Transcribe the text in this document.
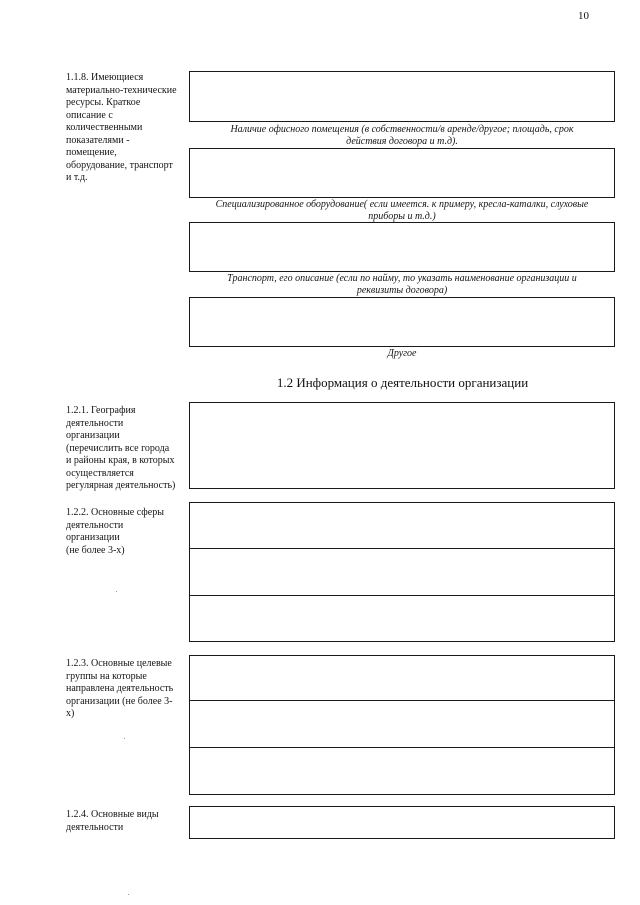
10
1.1.8. Имеющиеся
материально-технические
ресурсы. Краткое
описание с
количественными
показателями -
помещение,
оборудование, транспорт
и т.д.
Наличие офисного помещения (в собственности/в аренде/другое; площадь, срок
действия договора и т.д).
Специализированное оборудование( если имеется. к примеру, кресла-каталки, слуховые
приборы и т.д.)
Транспорт, его описание (если по найму, то указать наименование организации и
реквизиты договора)
Другое
1.2 Информация о деятельности организации
1.2.1. География
деятельности
организации
(перечислить все города
и районы края, в которых
осуществляется
регулярная деятельность)
1.2.2. Основные сферы
деятельности
организации
(не более 3-х)
1.2.3. Основные целевые
группы на которые
направлена деятельность
организации (не более 3-
х)
1.2.4. Основные виды
деятельности
